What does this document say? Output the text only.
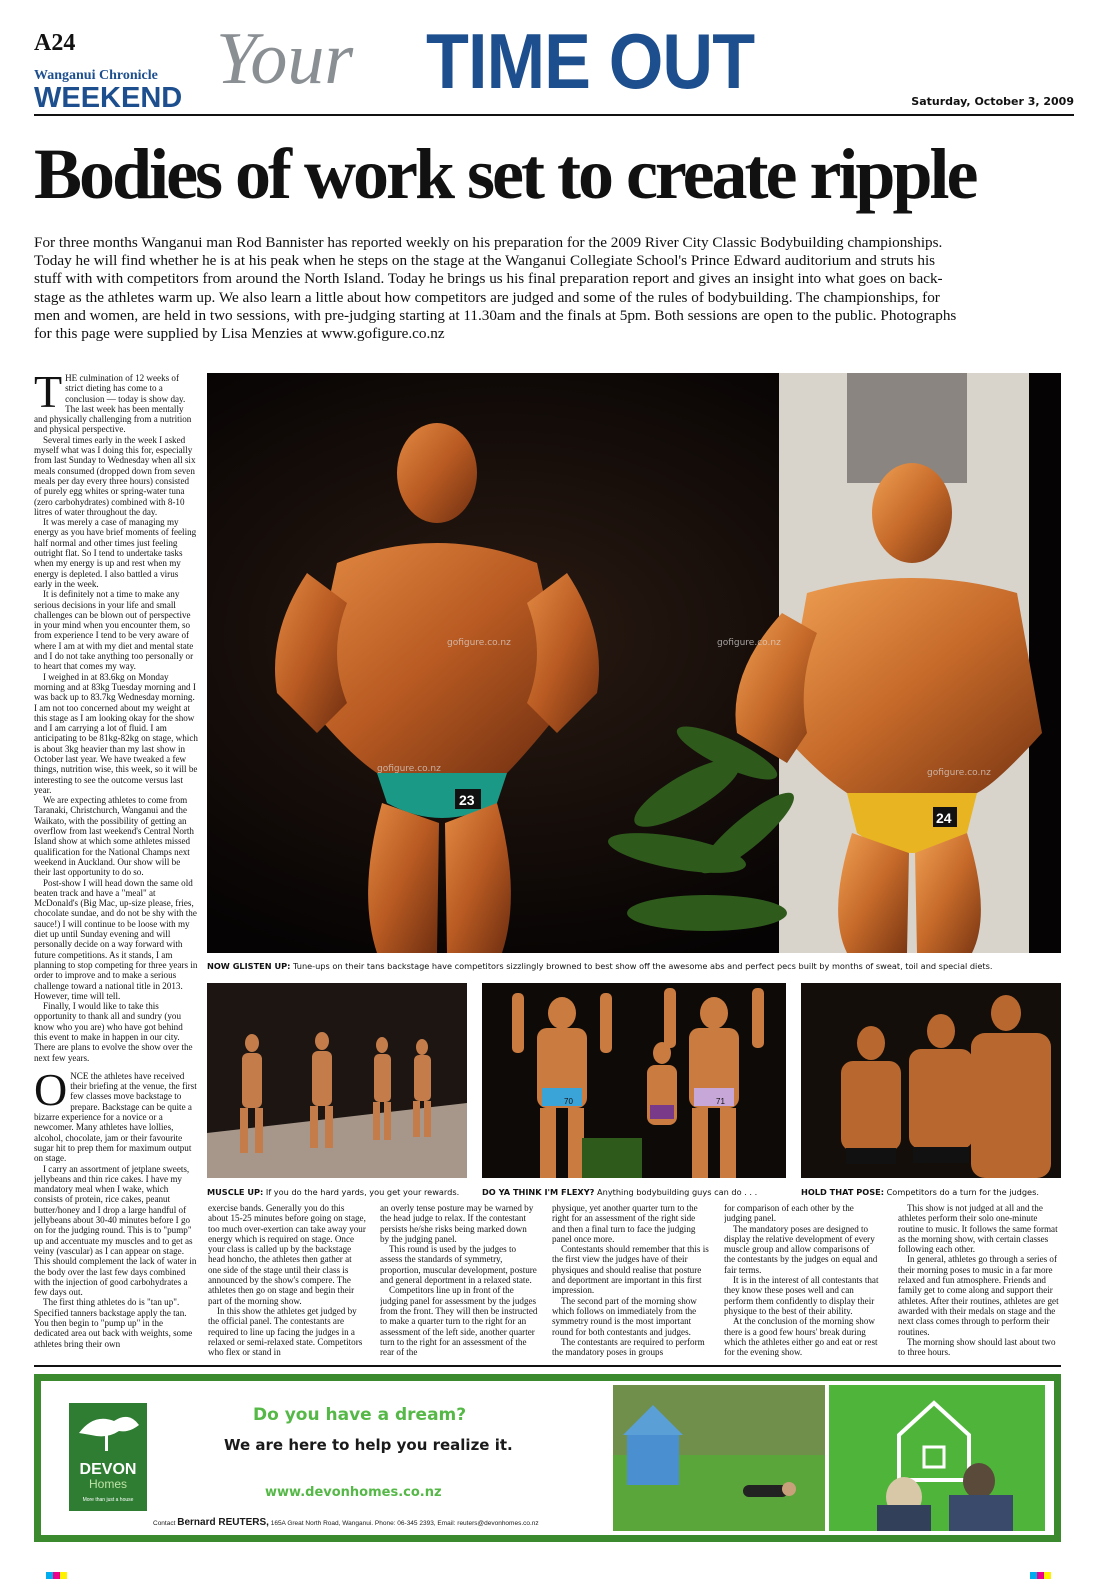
A24
Wanganui Chronicle
WEEKEND Your TIME OUT	Saturday, October 3, 2009
Bodies of work set to create ripple

For three months Wanganui man Rod Bannister has reported weekly on his preparation for the 2009 River City Classic Bodybuilding championships. Today he will find whether he is at his peak when he steps on the stage at the Wanganui Collegiate School's Prince Edward auditorium and struts his stuff with with competitors from around the North Island. Today he brings us his final preparation report and gives an insight into what goes on back-stage as the athletes warm up. We also learn a little about how competitors are judged and some of the rules of bodybuilding. The championships, for men and women, are held in two sessions, with pre-judging starting at 11.30am and the finals at 5pm. Both sessions are open to the public. Photographs for this page were supplied by Lisa Menzies at www.gofigure.co.nz

THE culmination of 12 weeks of strict dieting has come to a conclusion — today is show day. The last week has been mentally and physically challenging from a nutrition and physical perspective.

Several times early in the week I asked myself what was I doing this for, especially from last Sunday to Wednesday when all six meals consumed (dropped down from seven meals per day every three hours) consisted of purely egg whites or spring-water tuna (zero carbohydrates) combined with 8-10 litres of water throughout the day.

It was merely a case of managing my energy as you have brief moments of feeling half normal and other times just feeling outright flat. So I tend to undertake tasks when my energy is up and rest when my energy is depleted. I also battled a virus early in the week.

It is definitely not a time to make any serious decisions in your life and small challenges can be blown out of perspective in your mind when you encounter them, so from experience I tend to be very aware of where I am at with my diet and mental state and I do not take anything too personally or to heart that comes my way.

I weighed in at 83.6kg on Monday morning and at 83kg Tuesday morning and I was back up to 83.7kg Wednesday morning. I am not too concerned about my weight at this stage as I am looking okay for the show and I am carrying a lot of fluid. I am anticipating to be 81kg-82kg on stage, which is about 3kg heavier than my last show in October last year. We have tweaked a few things, nutrition wise, this week, so it will be interesting to see the outcome versus last year.

We are expecting athletes to come from Taranaki, Christchurch, Wanganui and the Waikato, with the possibility of getting an overflow from last weekend's Central North Island show at which some athletes missed qualification for the National Champs next weekend in Auckland. Our show will be their last opportunity to do so.

Post-show I will head down the same old beaten track and have a "meal" at McDonald's (Big Mac, up-size please, fries, chocolate sundae, and do not be shy with the sauce!) I will continue to be loose with my diet up until Sunday evening and will personally decide on a way forward with future competitions. As it stands, I am planning to stop competing for three years in order to improve and to make a serious challenge toward a national title in 2013. However, time will tell.

Finally, I would like to take this opportunity to thank all and sundry (you know who you are) who have got behind this event to make in happen in our city. There are plans to evolve the show over the next few years.

ONCE the athletes have received their briefing at the venue, the first few classes move backstage to prepare. Backstage can be quite a bizarre experience for a novice or a newcomer. Many athletes have lollies, alcohol, chocolate, jam or their favourite sugar hit to prep them for maximum output on stage.

I carry an assortment of jetplane sweets, jellybeans and thin rice cakes. I have my mandatory meal when I wake, which consists of protein, rice cakes, peanut butter/honey and I drop a large handful of jellybeans about 30-40 minutes before I go on for the judging round. This is to "pump" up and accentuate my muscles and to get as veiny (vascular) as I can appear on stage. This should complement the lack of water in the body over the last few days combined with the injection of good carbohydrates a few days out.

The first thing athletes do is "tan up". Specified tanners backstage apply the tan. You then begin to "pump up" in the dedicated area out back with weights, some athletes bring their own

23
24
gofigure.co.nz	gofigure.co.nz
gofigure.co.nz	gofigure.co.nz
NOW GLISTEN UP: Tune-ups on their tans backstage have competitors sizzlingly browned to best show off the awesome abs and perfect pecs built by months of sweat, toil and special diets.
MUSCLE UP: If you do the hard yards, you get your rewards.
70	71
DO YA THINK I'M FLEXY? Anything bodybuilding guys can do . . .	HOLD THAT POSE: Competitors do a turn for the judges.

exercise bands. Generally you do this about 15-25 minutes before going on stage, too much over-exertion can take away your energy which is required on stage. Once your class is called up by the backstage head honcho, the athletes then gather at one side of the stage until their class is announced by the show's compere. The athletes then go on stage and begin their part of the morning show.

In this show the athletes get judged by the official panel. The contestants are required to line up facing the judges in a relaxed or semi-relaxed state. Competitors who flex or stand in

an overly tense posture may be warned by the head judge to relax. If the contestant persists he/she risks being marked down by the judging panel.

This round is used by the judges to assess the standards of symmetry, proportion, muscular development, posture and general deportment in a relaxed state.

Competitors line up in front of the judging panel for assessment by the judges from the front. They will then be instructed to make a quarter turn to the right for an assessment of the left side, another quarter turn to the right for an assessment of the rear of the

physique, yet another quarter turn to the right for an assessment of the right side and then a final turn to face the judging panel once more.

Contestants should remember that this is the first view the judges have of their physiques and should realise that posture and deportment are important in this first impression.

The second part of the morning show which follows on immediately from the symmetry round is the most important round for both contestants and judges.

The contestants are required to perform the mandatory poses in groups

for comparison of each other by the judging panel.

The mandatory poses are designed to display the relative development of every muscle group and allow comparisons of the contestants by the judges on equal and fair terms.

It is in the interest of all contestants that they know these poses well and can perform them confidently to display their physique to the best of their ability.

At the conclusion of the morning show there is a good few hours' break during which the athletes either go and eat or rest for the evening show.

This show is not judged at all and the athletes perform their solo one-minute routine to music. It follows the same format as the morning show, with certain classes following each other.

In general, athletes go through a series of their morning poses to music in a far more relaxed and fun atmosphere. Friends and family get to come along and support their athletes. After their routines, athletes are get awarded with their medals on stage and the next class comes through to perform their routines.

The morning show should last about two to three hours.

DEVON
Homes
More than just a house
Do you have a dream?
We are here to help you realize it.
www.devonhomes.co.nz
Contact Bernard REUTERS, 165A Great North Road, Wanganui. Phone: 06-345 2393, Email: reuters@devonhomes.co.nz
